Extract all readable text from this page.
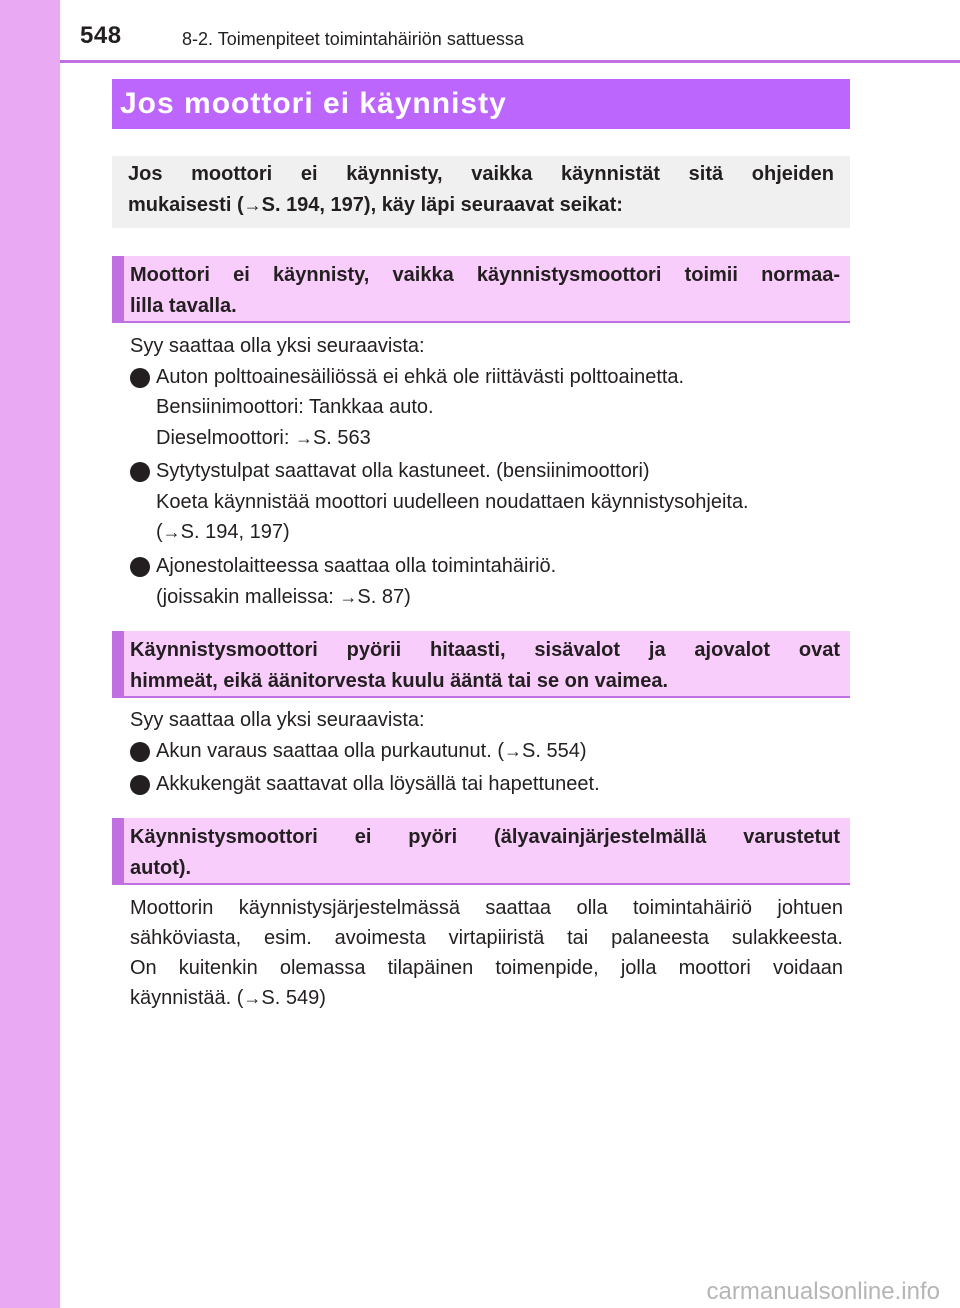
548	8-2. Toimenpiteet toimintahäiriön sattuessa
Jos moottori ei käynnisty
Jos moottori ei käynnisty, vaikka käynnistät sitä ohjeiden
mukaisesti (→S. 194, 197), käy läpi seuraavat seikat:
Moottori ei käynnisty, vaikka käynnistysmoottori toimii normaa-
lilla tavalla.
Syy saattaa olla yksi seuraavista:
Auton polttoainesäiliössä ei ehkä ole riittävästi polttoainetta.
Bensiinimoottori: Tankkaa auto.
Dieselmoottori: →S. 563
Sytytystulpat saattavat olla kastuneet. (bensiinimoottori)
Koeta käynnistää moottori uudelleen noudattaen käynnistysohjeita.
(→S. 194, 197)
Ajonestolaitteessa saattaa olla toimintahäiriö.
(joissakin malleissa: →S. 87)
Käynnistysmoottori pyörii hitaasti, sisävalot ja ajovalot ovat
himmeät, eikä äänitorvesta kuulu ääntä tai se on vaimea.
Syy saattaa olla yksi seuraavista:
Akun varaus saattaa olla purkautunut. (→S. 554)
Akkukengät saattavat olla löysällä tai hapettuneet.
Käynnistysmoottori ei pyöri (älyavainjärjestelmällä varustetut
autot).
Moottorin käynnistysjärjestelmässä saattaa olla toimintahäiriö johtuen
sähköviasta, esim. avoimesta virtapiiristä tai palaneesta sulakkeesta.
On kuitenkin olemassa tilapäinen toimenpide, jolla moottori voidaan
käynnistää. (→S. 549)
carmanualsonline.info
